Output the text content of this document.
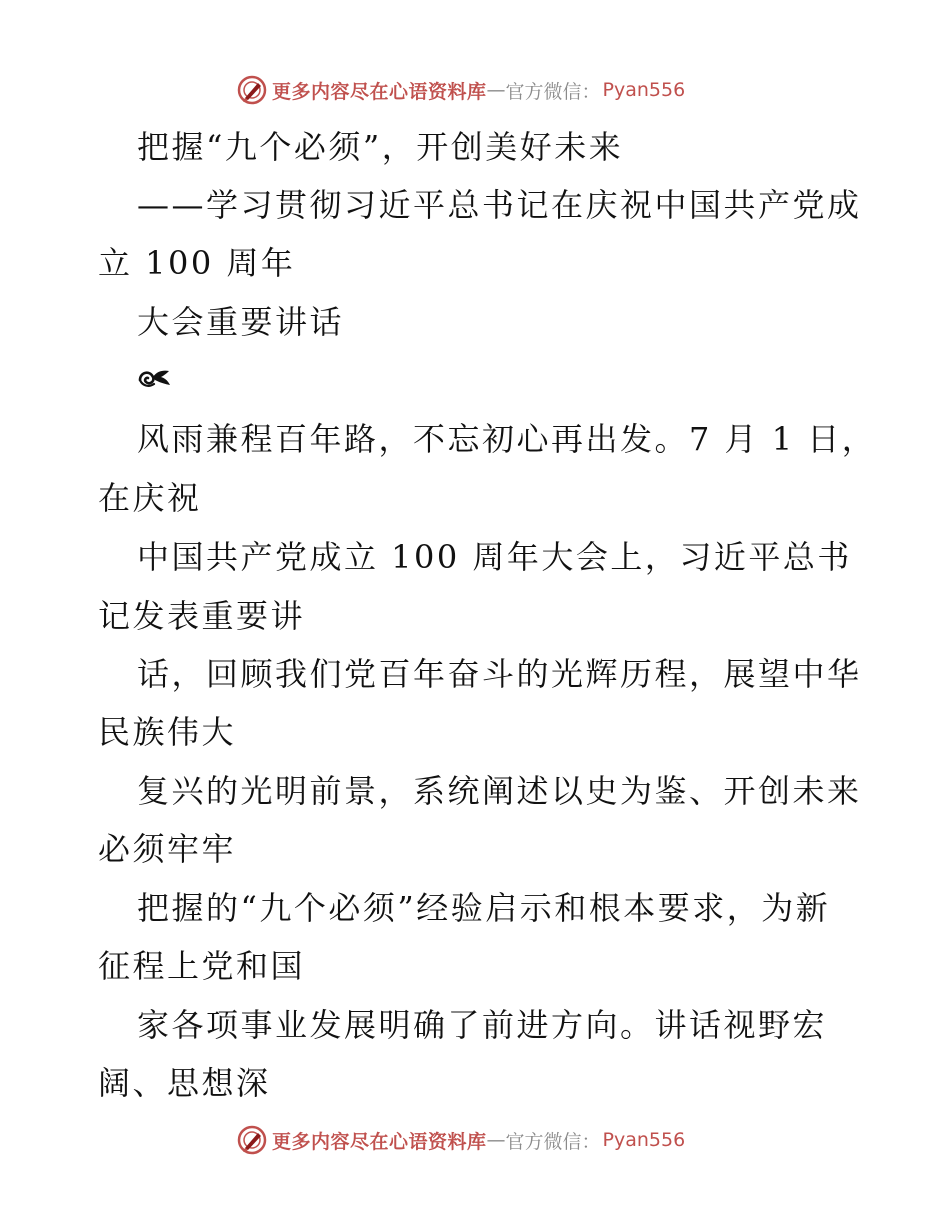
更多内容尽在心语资料库 — 官方微信： Pyan556
把握“九个必须”，开创美好未来
——学习贯彻习近平总书记在庆祝中国共产党成
立 100 周年
大会重要讲话
风雨兼程百年路，不忘初心再出发。7 月 1 日，
在庆祝
中国共产党成立 100 周年大会上，习近平总书
记发表重要讲
话，回顾我们党百年奋斗的光辉历程，展望中华
民族伟大
复兴的光明前景，系统阐述以史为鉴、开创未来
必须牢牢
把握的“九个必须”经验启示和根本要求，为新
征程上党和国
家各项事业发展明确了前进方向。讲话视野宏
阔、思想深
更多内容尽在心语资料库 — 官方微信： Pyan556
